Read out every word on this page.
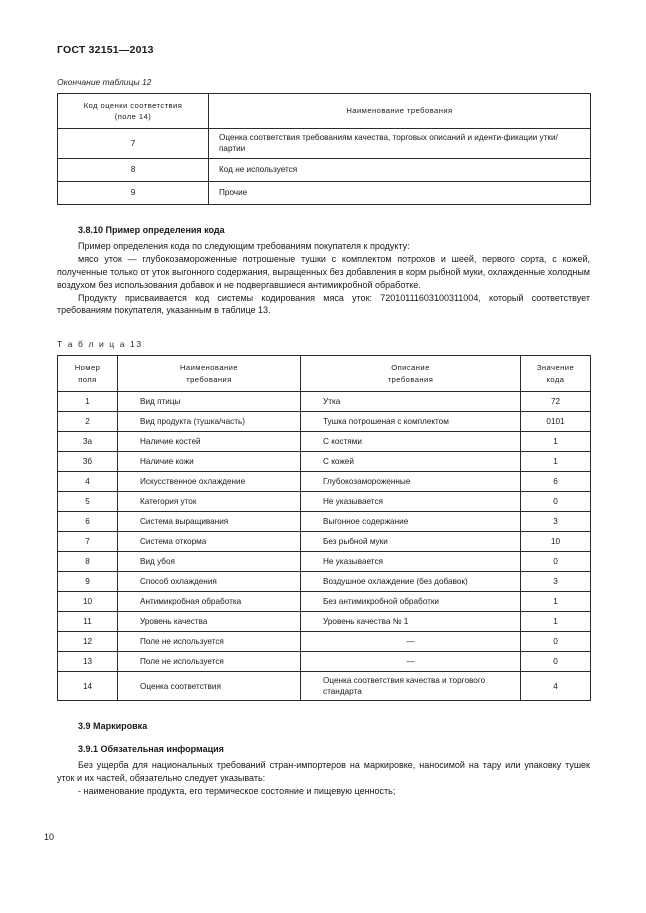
ГОСТ 32151—2013
Окончание таблицы 12
Код оценки соответствия
(поле 14)	Наименование требования
7	Оценка соответствия требованиям качества, торговых описаний и иденти-фикации утки/партии
8	Код не используется
9	Прочие
3.8.10 Пример определения кода

Пример определения кода по следующим требованиям покупателя к продукту:

мясо уток — глубокозамороженные потрошеные тушки с комплектом потрохов и шеей, первого сорта, с кожей, полученные только от уток выгонного содержания, выращенных без добавления в корм рыбной муки, охлажденные холодным воздухом без использования добавок и не подвергавшиеся антимикробной обработке.

Продукту присваивается код системы кодирования мяса уток: 72010111603100311004, который соответствует требованиям покупателя, указанным в таблице 13.

Т а б л и ц а 13
Номер
поля	Наименование
требования	Описание
требования	Значение
кода
1	Вид птицы	Утка	72
2	Вид продукта (тушка/часть)	Тушка потрошеная с комплектом	0101
3а	Наличие костей	С костями	1
3б	Наличие кожи	С кожей	1
4	Искусственное охлаждение	Глубокозамороженные	6
5	Категория уток	Не указывается	0
6	Система выращивания	Выгонное содержание	3
7	Система откорма	Без рыбной муки	10
8	Вид убоя	Не указывается	0
9	Способ охлаждения	Воздушное охлаждение (без добавок)	3
10	Антимикробная обработка	Без антимикробной обработки	1
11	Уровень качества	Уровень качества № 1	1
12	Поле не используется	—	0
13	Поле не используется	—	0
14	Оценка соответствия	Оценка соответствия качества и торгового стандарта	4
3.9 Маркировка
3.9.1 Обязательная информация

Без ущерба для национальных требований стран-импортеров на маркировке, наносимой на тару или упаковку тушек уток и их частей, обязательно следует указывать:

- наименование продукта, его термическое состояние и пищевую ценность;

10
